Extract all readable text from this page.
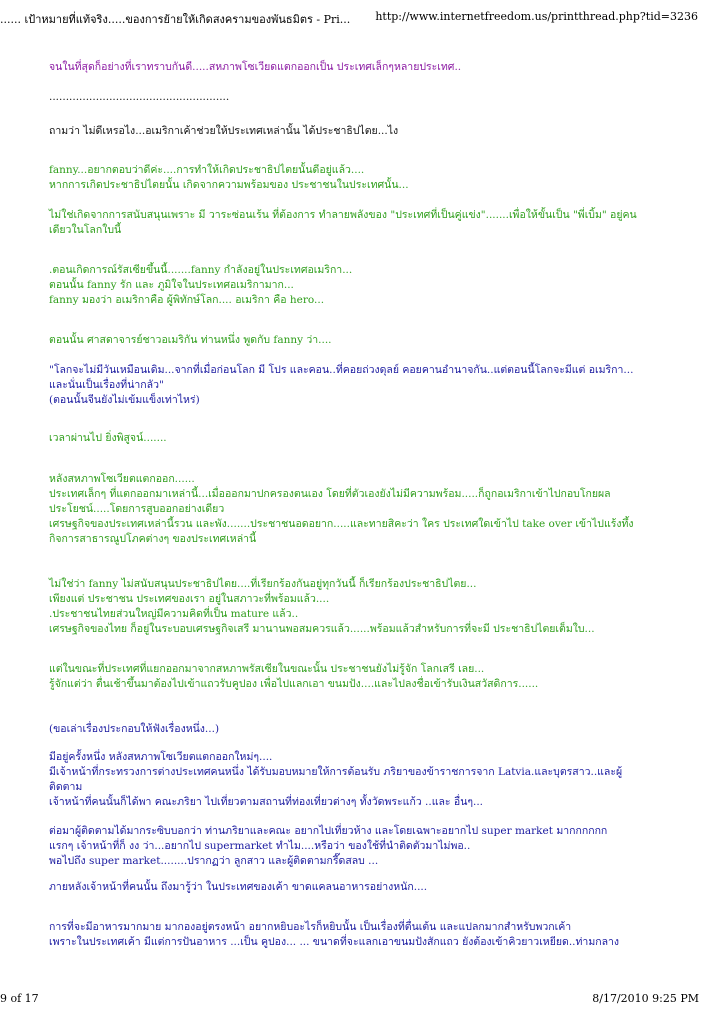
...... เป้าหมายที่แท้จริง.....ของการย้ายให้เกิดสงครามของพันธมิตร - Pri... http://www.internetfreedom.us/printthread.php?tid=3236

จนในที่สุดก็อย่างที่เราทราบกันดี.....สหภาพโซเวียดแตกออกเป็น ประเทศเล็กๆหลายประเทศ..

......................................................

ถามว่า ไม่ดีเหรอไง...อเมริกาเค้าช่วยให้ประเทศเหล่านั้น ได้ประชาธิปไตย...ไง

fanny...อยากตอบว่าดีค่ะ....การทำให้เกิดประชาธิปไตยนั้นดีอยู่แล้ว....
หากการเกิดประชาธิปไตยนั้น เกิดจากความพร้อมของ ประชาชนในประเทศนั้น...

ไม่ใช่เกิดจากการสนับสนุนเพราะ มี วาระซ่อนเร้น ที่ต้องการ ทำลายพลังของ "ประเทศที่เป็นคู่แข่ง".......เพื่อให้ขั้นเป็น "พี่เบิ้ม" อยู่คน
เดียวในโลกใบนี้

.ตอนเกิดการณ์รัสเซียขึ้นนี้.......fanny กำลังอยู่ในประเทศอเมริกา...
ตอนนั้น fanny รัก และ ภูมิใจในประเทศอเมริกามาก...
fanny มองว่า อเมริกาคือ ผู้พิทักษ์โลก.... อเมริกา คือ hero...

ตอนนั้น ศาสดาจารย์ชาวอเมริกัน ท่านหนึ่ง พูดกับ fanny ว่า....

"โลกจะไม่มีวันเหมือนเดิม...จากที่เมื่อก่อนโลก มี โปร และคอน..ที่คอยถ่วงดุลย์ คอยคานอำนาจกัน..แต่ตอนนี้โลกจะมีแต่ อเมริกา...
และนั่นเป็นเรื่องที่น่ากลัว"
(ตอนนั้นจีนยังไม่เข้มแข็งเท่าไหร่)

เวลาผ่านไป ยิ่งพิสูจน์.......

หลังสหภาพโซเวียตแตกออก......
ประเทศเล็กๆ ที่แตกออกมาเหล่านี้...เมื่อออกมาปกครองตนเอง โดยที่ตัวเองยังไม่มีความพร้อม.....ก็ถูกอเมริกาเข้าไปกอบโกยผล
ประโยชน์.....โดยการสูบออกอย่างเดียว
เศรษฐกิจของประเทศเหล่านี้รวน และพัง.......ประชาชนอดอยาก.....และทายสิคะว่า ใคร ประเทศใดเข้าไป take over เข้าไปแร้งทึ้ง
กิจการสาธารณูปโภคต่างๆ ของประเทศเหล่านี้

ไม่ใช่ว่า fanny ไม่สนับสนุนประชาธิปไตย....ที่เรียกร้องกันอยู่ทุกวันนี้ ก็เรียกร้องประชาธิปไตย...
เพียงแต่ ประชาชน ประเทศของเรา อยู่ในสภาวะที่พร้อมแล้ว....
.ประชาชนไทยส่วนใหญ่มีความคิดที่เป็น mature แล้ว..
เศรษฐกิจของไทย ก็อยู่ในระบอบเศรษฐกิจเสรี มานานพอสมควรแล้ว......พร้อมแล้วสำหรับการที่จะมี ประชาธิปไตยเต็มใบ...

แต่ในขณะที่ประเทศที่แยกออกมาจากสหภาพรัสเซียในขณะนั้น ประชาชนยังไม่รู้จัก โลกเสรี เลย...
รู้จักแต่ว่า ตื่นเช้าขึ้นมาต้องไปเข้าแถวรับคูปอง เพื่อไปแลกเอา ขนมปัง....และไปลงชื่อเข้ารับเงินสวัสดิการ......

(ขอเล่าเรื่องประกอบให้ฟังเรื่องหนึ่ง...)

มีอยู่ครั้งหนึ่ง หลังสหภาพโซเวียตแตกออกใหม่ๆ....
มีเจ้าหน้าที่กระทรวงการต่างประเทศคนหนึ่ง ได้รับมอบหมายให้การต้อนรับ ภริยาของข้าราชการจาก Latvia.และบุตรสาว..และผู้
ติดตาม
เจ้าหน้าที่คนนั้นก็ได้พา คณะภริยา ไปเที่ยวตามสถานที่ท่องเที่ยวต่างๆ ทั้งวัดพระแก้ว ..และ อื่นๆ...

ต่อมาผู้ติดตามได้มากระซิบบอกว่า ท่านภริยาและคณะ อยากไปเที่ยวห้าง และโดยเฉพาะอยากไป super market มากกกกกก
แรกๆ เจ้าหน้าที่ก็ งง ว่า...อยากไป supermarket ทำไม....หรือว่า ของใช้ที่นำติดตัวมาไม่พอ..
พอไปถึง super market........ปรากฏว่า ลูกสาว และผู้ติดตามกรี๊ดสลบ ...

ภายหลังเจ้าหน้าที่คนนั้น ถึงมารู้ว่า ในประเทศของเค้า ขาดแคลนอาหารอย่างหนัก....

การที่จะมีอาหารมากมาย มากองอยู่ตรงหน้า อยากหยิบอะไรก็หยิบนั้น เป็นเรื่องที่ตื่นเต้น และแปลกมากสำหรับพวกเค้า
เพราะในประเทศเค้า มีแต่การปันอาหาร ...เป็น คูปอง... ... ขนาดที่จะแลกเอาขนมปังสักแถว ยังต้องเข้าคิวยาวเหยียด..ท่ามกลาง

9 of 17	8/17/2010 9:25 PM
